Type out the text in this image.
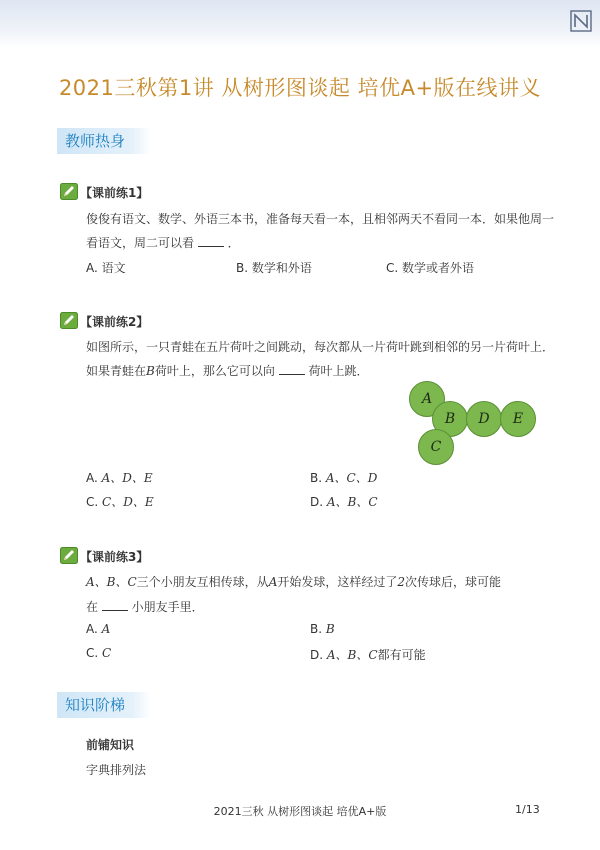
2021三秋第1讲 从树形图谈起 培优A+版在线讲义
教师热身
【课前练1】
俊俊有语文、数学、外语三本书，准备每天看一本，且相邻两天不看同一本．如果他周一
看语文，周二可以看	．
A. 语文	B. 数学和外语	C. 数学或者外语
【课前练2】
如图所示，一只青蛙在五片荷叶之间跳动，每次都从一片荷叶跳到相邻的另一片荷叶上．
如果青蛙在B荷叶上，那么它可以向	荷叶上跳．
A
B	D	E
C
A. A、D、E	B. A、C、D
C. C、D、E	D. A、B、C
【课前练3】
A、B、C三个小朋友互相传球，从A开始发球，这样经过了2次传球后，球可能
在	小朋友手里．
A. A	B. B
C. C	D. A、B、C都有可能
知识阶梯
前铺知识
字典排列法
2021三秋 从树形图谈起 培优A+版	1/13
